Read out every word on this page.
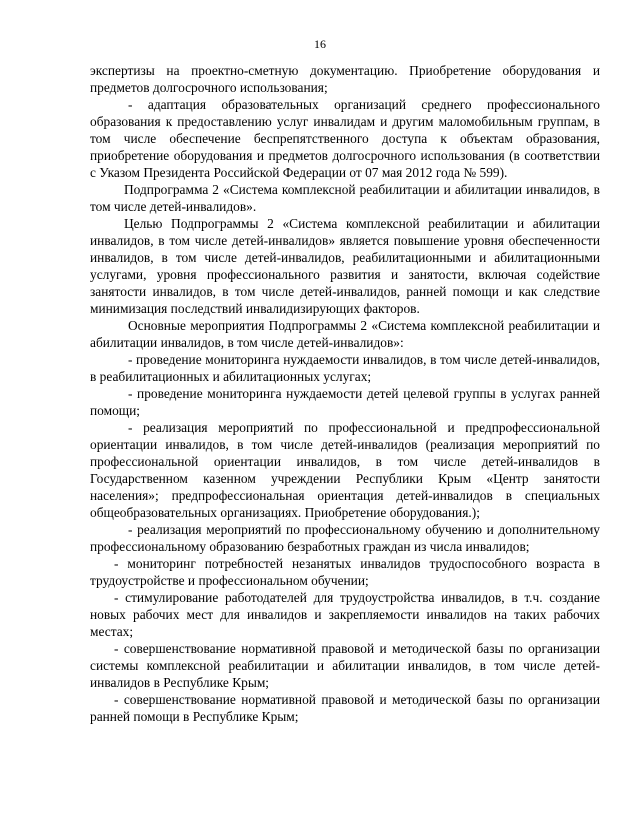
16

экспертизы на проектно-сметную документацию. Приобретение оборудования и предметов долгосрочного использования;

- адаптация образовательных организаций среднего профессионального образования к предоставлению услуг инвалидам и другим маломобильным группам, в том числе обеспечение беспрепятственного доступа к объектам образования, приобретение оборудования и предметов долгосрочного использования (в соответствии с Указом Президента Российской Федерации от 07 мая 2012 года № 599).

Подпрограмма 2 «Система комплексной реабилитации и абилитации инвалидов, в том числе детей-инвалидов».

Целью Подпрограммы 2 «Система комплексной реабилитации и абилитации инвалидов, в том числе детей-инвалидов» является повышение уровня обеспеченности инвалидов, в том числе детей-инвалидов, реабилитационными и абилитационными услугами, уровня профессионального развития и занятости, включая содействие занятости инвалидов, в том числе детей-инвалидов, ранней помощи и как следствие минимизация последствий инвалидизирующих факторов.

Основные мероприятия Подпрограммы 2 «Система комплексной реабилитации и абилитации инвалидов, в том числе детей-инвалидов»:

- проведение мониторинга нуждаемости инвалидов, в том числе детей-инвалидов, в реабилитационных и абилитационных услугах;

- проведение мониторинга нуждаемости детей целевой группы в услугах ранней помощи;

- реализация мероприятий по профессиональной и предпрофессиональной ориентации инвалидов, в том числе детей-инвалидов (реализация мероприятий по профессиональной ориентации инвалидов, в том числе детей-инвалидов в Государственном казенном учреждении Республики Крым «Центр занятости населения»; предпрофессиональная ориентация детей-инвалидов в специальных общеобразовательных организациях. Приобретение оборудования.);

- реализация мероприятий по профессиональному обучению и дополнительному профессиональному образованию безработных граждан из числа инвалидов;

- мониторинг потребностей незанятых инвалидов трудоспособного возраста в трудоустройстве и профессиональном обучении;

- стимулирование работодателей для трудоустройства инвалидов, в т.ч. создание новых рабочих мест для инвалидов и закрепляемости инвалидов на таких рабочих местах;

- совершенствование нормативной правовой и методической базы по организации системы комплексной реабилитации и абилитации инвалидов, в том числе детей-инвалидов в Республике Крым;

- совершенствование нормативной правовой и методической базы по организации ранней помощи в Республике Крым;
